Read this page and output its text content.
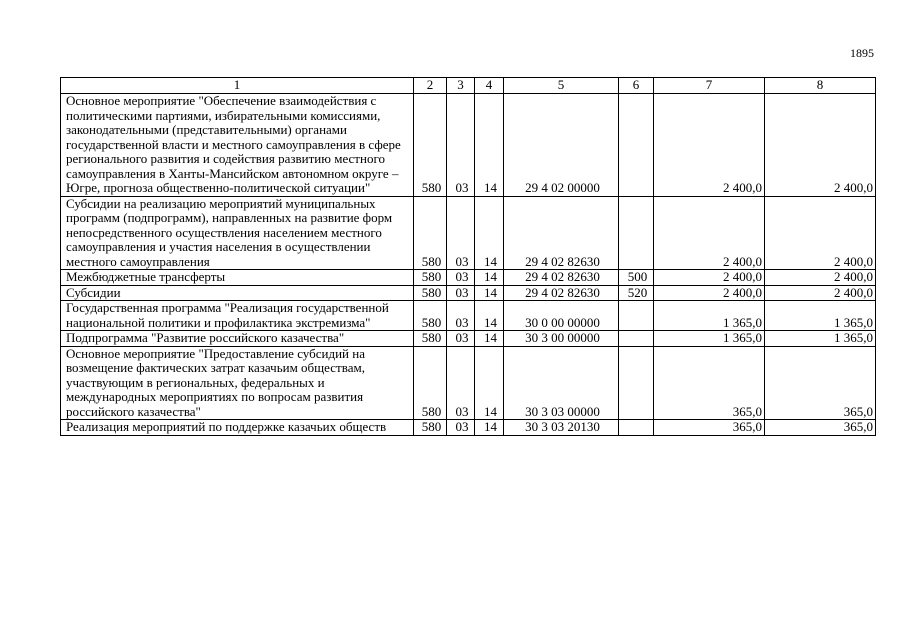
1895
1	2	3	4	5	6	7	8
Основное мероприятие "Обеспечение взаимодействия с политическими партиями, избирательными комиссиями, законодательными (представительными) органами государственной власти и местного самоуправления в сфере регионального развития и содействия развитию местного самоуправления в Ханты-Мансийском автономном округе – Югре, прогноза общественно-политической ситуации"	580	03	14	29 4 02 00000		2 400,0	2 400,0
Субсидии на реализацию мероприятий муниципальных программ (подпрограмм), направленных на развитие форм непосредственного осуществления населением местного самоуправления и участия населения в осуществлении местного самоуправления	580	03	14	29 4 02 82630		2 400,0	2 400,0
Межбюджетные трансферты	580	03	14	29 4 02 82630	500	2 400,0	2 400,0
Субсидии	580	03	14	29 4 02 82630	520	2 400,0	2 400,0
Государственная программа "Реализация государственной национальной политики и профилактика экстремизма"	580	03	14	30 0 00 00000		1 365,0	1 365,0
Подпрограмма "Развитие российского казачества"	580	03	14	30 3 00 00000		1 365,0	1 365,0
Основное мероприятие "Предоставление субсидий на возмещение фактических затрат казачьим обществам, участвующим в региональных, федеральных и международных мероприятиях по вопросам развития российского казачества"	580	03	14	30 3 03 00000		365,0	365,0
Реализация мероприятий по поддержке казачьих обществ	580	03	14	30 3 03 20130		365,0	365,0
